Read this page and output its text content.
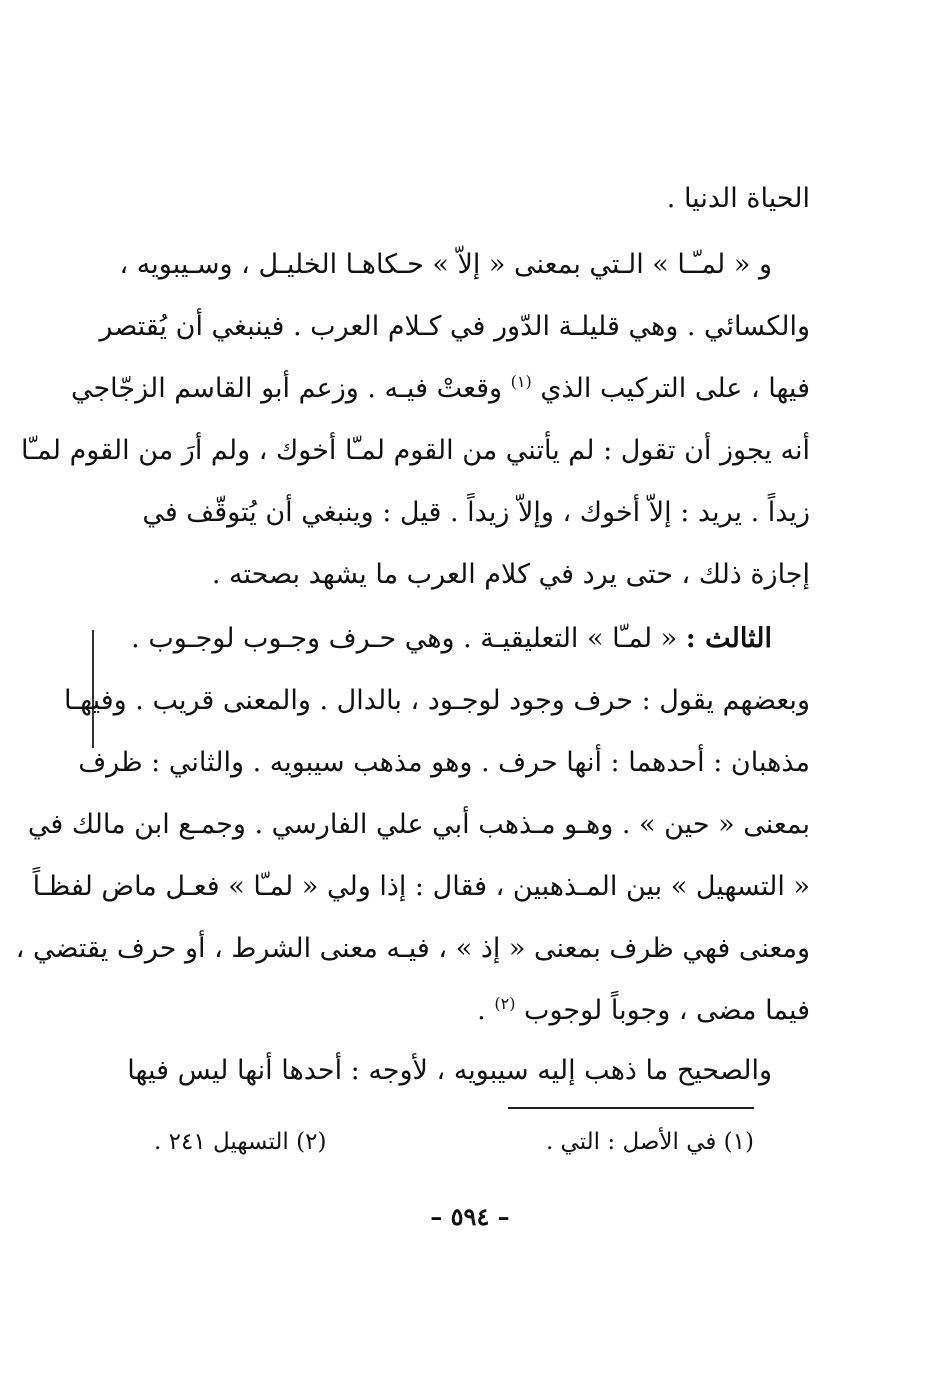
الحياة الدنيا .
و « لمـّـا » الـتي بمعنى « إلاّ » حـكاهـا الخليـل ، وسـيبويه ،
والكسائي . وهي قليلـة الدّور في كـلام العرب . فينبغي أن يُقتصر
فيها ، على التركيب الذي $^{(١)}$ وقعتْ فيـه . وزعم أبو القاسم الزجّاجي
أنه يجوز أن تقول : لم يأتني من القوم لمـّا أخوك ، ولم أرَ من القوم لمـّا
زيداً . يريد : إلاّ أخوك ، وإلاّ زيداً . قيل : وينبغي أن يُتوقّف في
إجازة ذلك ، حتى يرد في كلام العرب ما يشهد بصحته .
الثالث : « لمـّا » التعليقيـة . وهي حـرف وجـوب لوجـوب .
وبعضهم يقول : حرف وجود لوجـود ، بالدال . والمعنى قريب . وفيهـا
مذهبان : أحدهما : أنها حرف . وهو مذهب سيبويه . والثاني : ظرف
بمعنى « حين » . وهـو مـذهب أبي علي الفارسي . وجمـع ابن مالك في
« التسهيل » بين المـذهبين ، فقال : إذا ولي « لمـّا » فعـل ماض لفظـاً
ومعنى فهي ظرف بمعنى « إذ » ، فيـه معنى الشرط ، أو حرف يقتضي ،
فيما مضى ، وجوباً لوجوب $^{(٢)}$ .
والصحيح ما ذهب إليه سيبويه ، لأوجه : أحدها أنها ليس فيها
(١) في الأصل : التي .
(٢) التسهيل ٢٤١ .
– ٥٩٤ –
